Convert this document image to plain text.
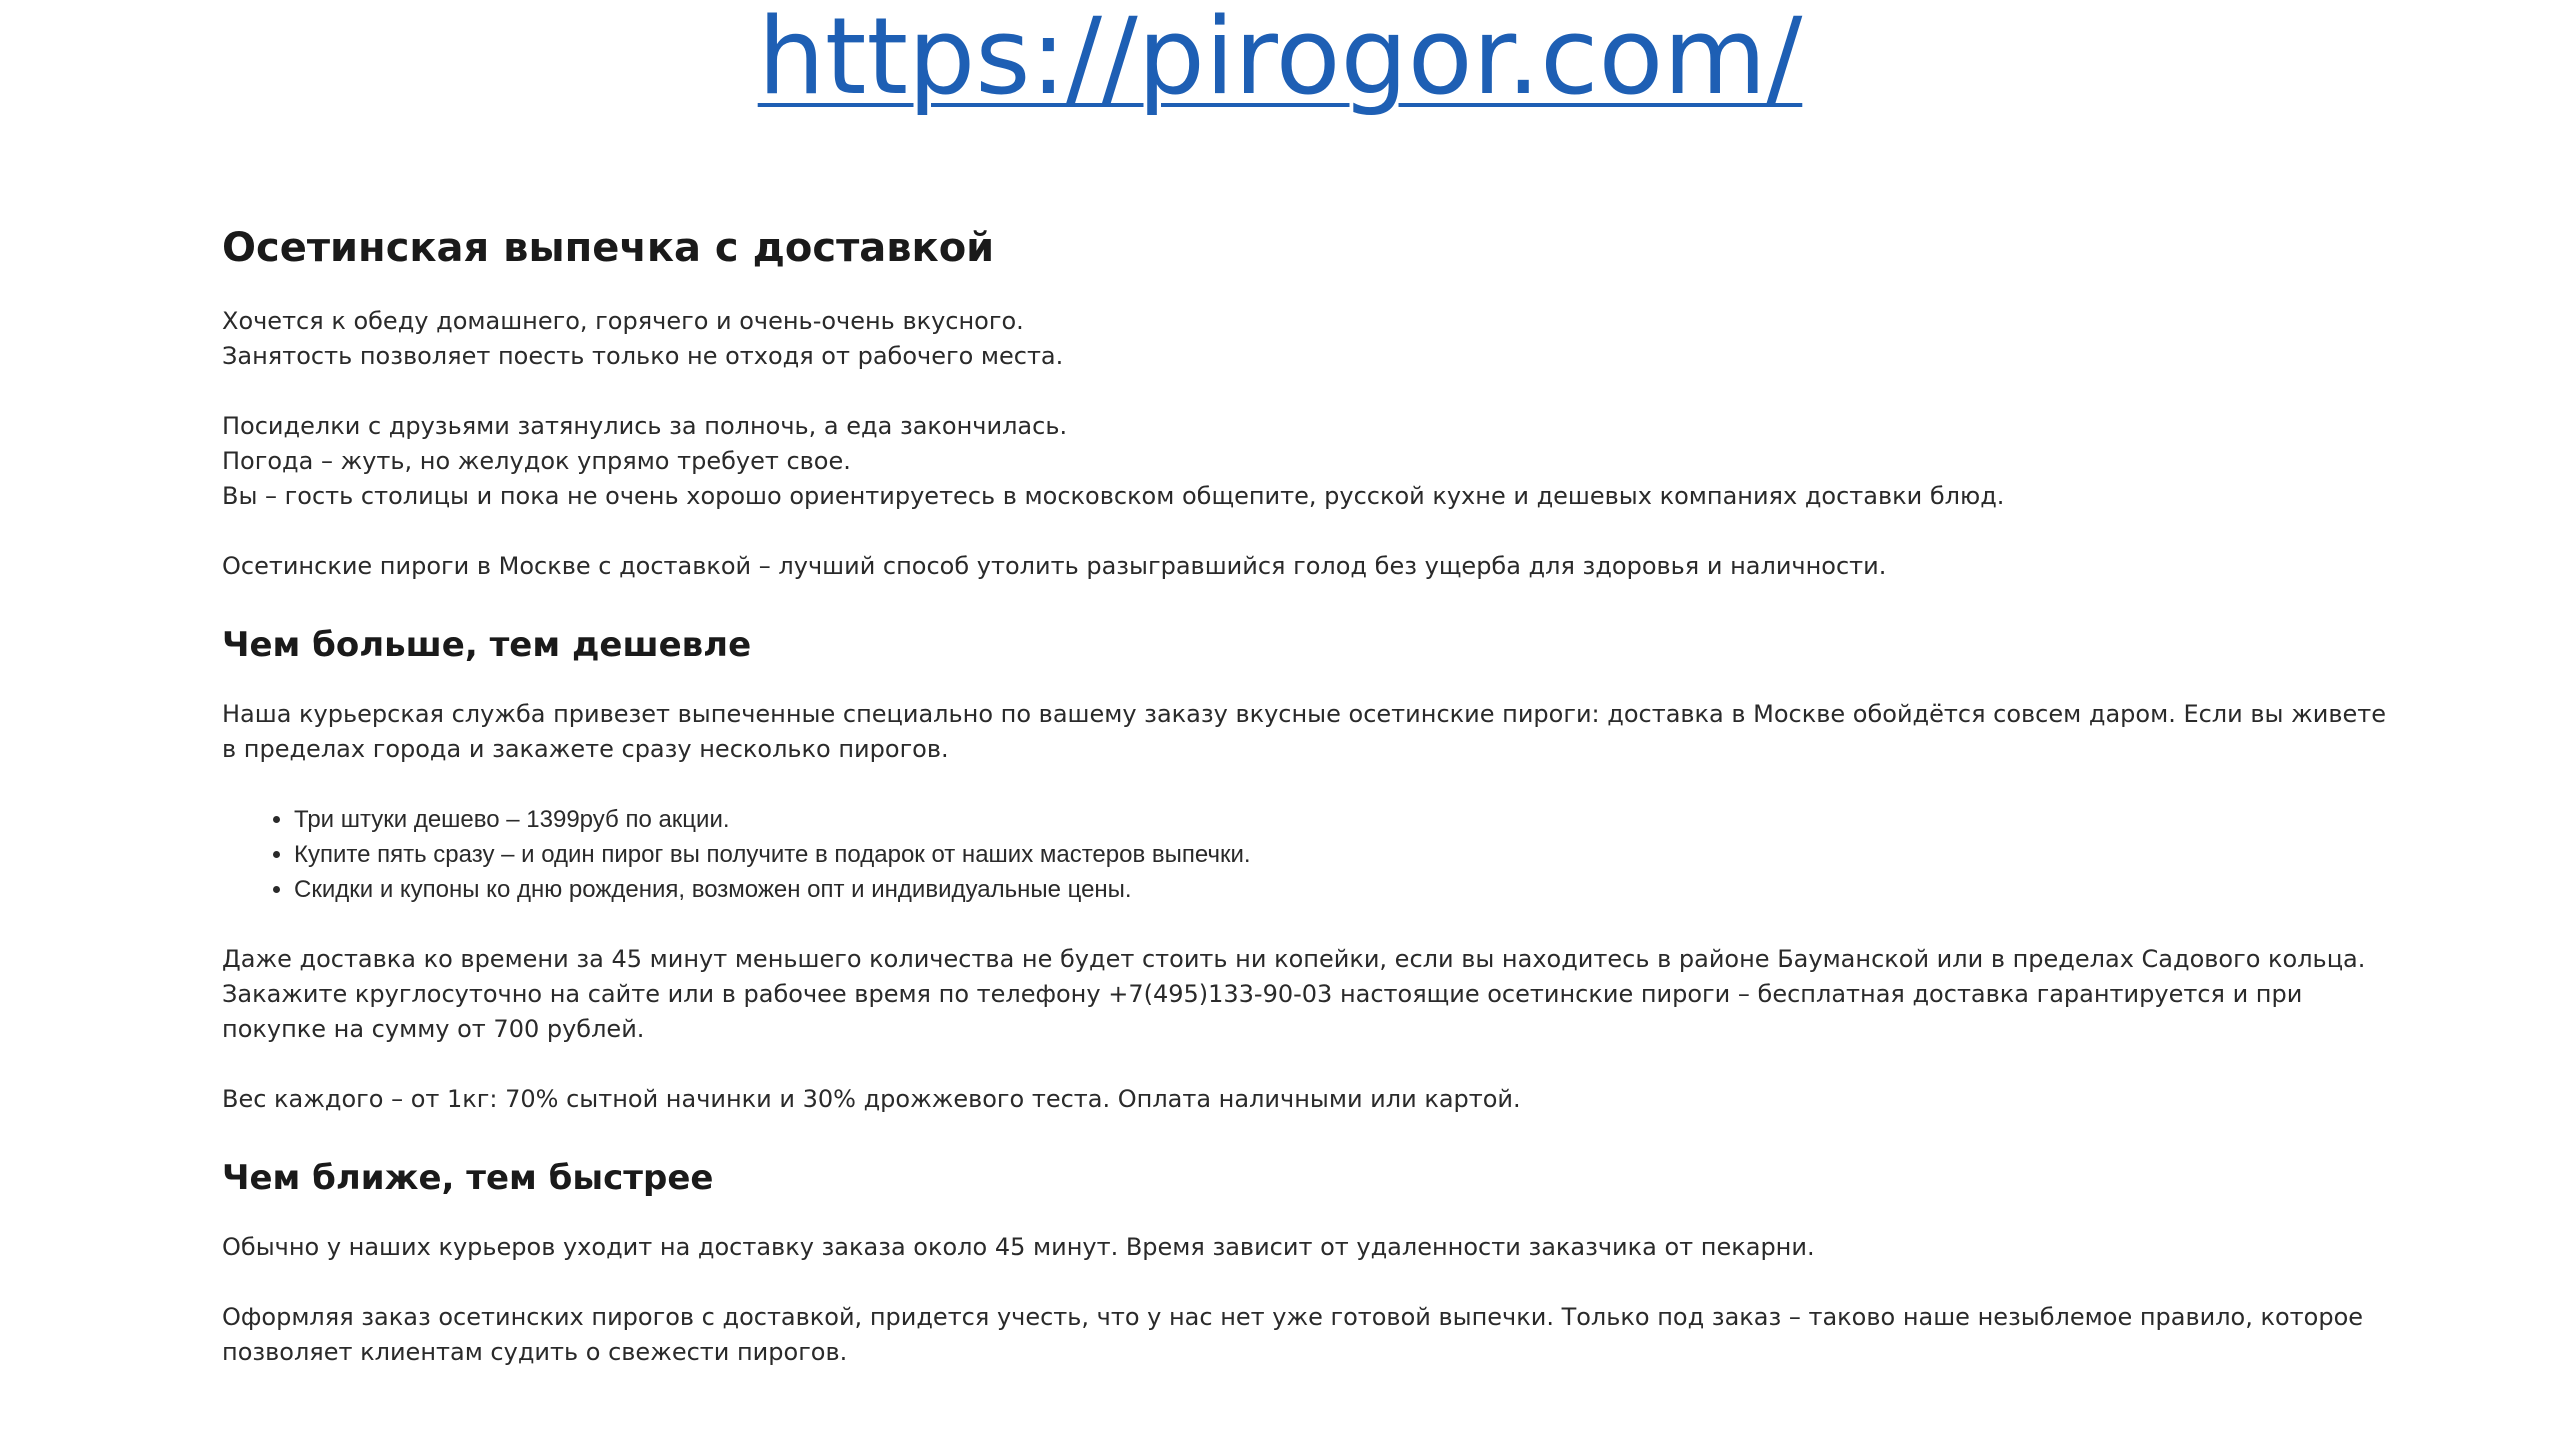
https://pirogor.com/
Осетинская выпечка с доставкой

Хочется к обеду домашнего, горячего и очень-очень вкусного.
Занятость позволяет поесть только не отходя от рабочего места.

Посиделки с друзьями затянулись за полночь, а еда закончилась.
Погода – жуть, но желудок упрямо требует свое.
Вы – гость столицы и пока не очень хорошо ориентируетесь в московском общепите, русской кухне и дешевых компаниях доставки блюд.

Осетинские пироги в Москве с доставкой – лучший способ утолить разыгравшийся голод без ущерба для здоровья и наличности.

Чем больше, тем дешевле

Наша курьерская служба привезет выпеченные специально по вашему заказу вкусные осетинские пироги: доставка в Москве обойдётся совсем даром. Если вы живете в пределах города и закажете сразу несколько пирогов.

• Три штуки дешево – 1399руб по акции.
• Купите пять сразу – и один пирог вы получите в подарок от наших мастеров выпечки.
• Скидки и купоны ко дню рождения, возможен опт и индивидуальные цены.

Даже доставка ко времени за 45 минут меньшего количества не будет стоить ни копейки, если вы находитесь в районе Бауманской или в пределах Садового кольца. Закажите круглосуточно на сайте или в рабочее время по телефону +7(495)133-90-03 настоящие осетинские пироги – бесплатная доставка гарантируется и при покупке на сумму от 700 рублей.

Вес каждого – от 1кг: 70% сытной начинки и 30% дрожжевого теста. Оплата наличными или картой.

Чем ближе, тем быстрее

Обычно у наших курьеров уходит на доставку заказа около 45 минут. Время зависит от удаленности заказчика от пекарни.

Оформляя заказ осетинских пирогов с доставкой, придется учесть, что у нас нет уже готовой выпечки. Только под заказ – таково наше незыблемое правило, которое позволяет клиентам судить о свежести пирогов.
